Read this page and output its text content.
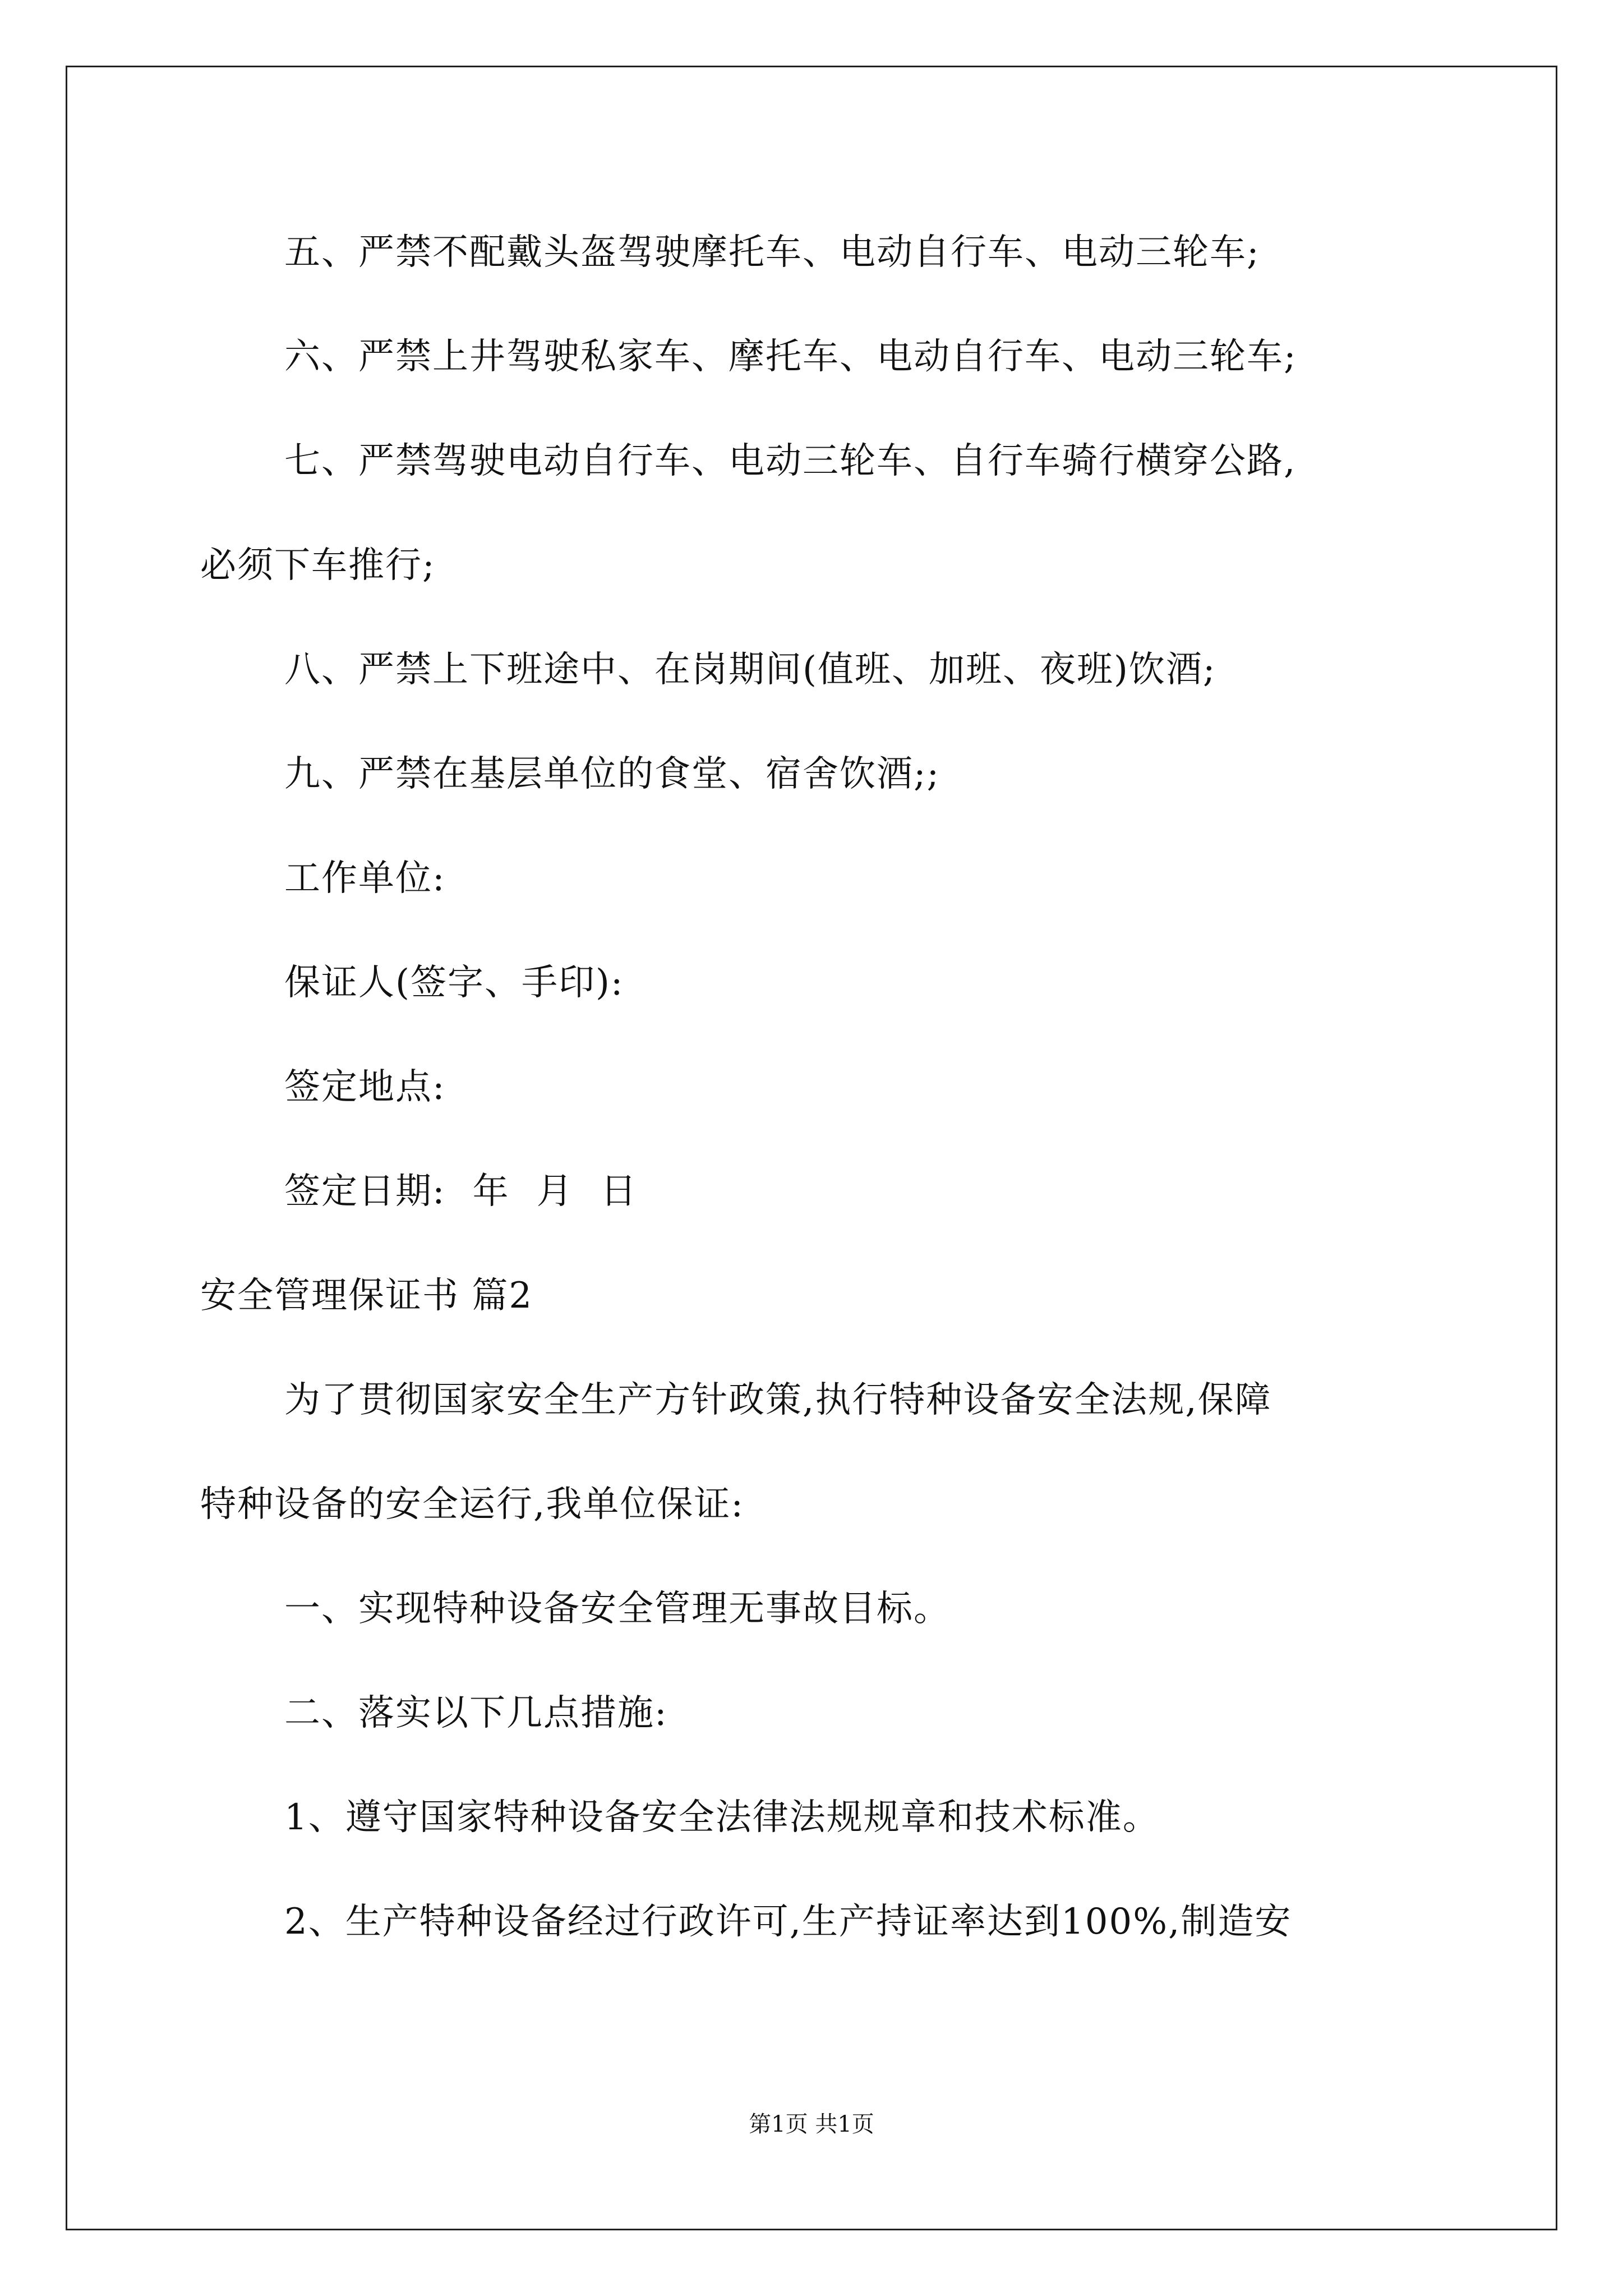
五、严禁不配戴头盔驾驶摩托车、电动自行车、电动三轮车;
六、严禁上井驾驶私家车、摩托车、电动自行车、电动三轮车;
七、严禁驾驶电动自行车、电动三轮车、自行车骑行横穿公路,
必须下车推行;
八、严禁上下班途中、在岗期间(值班、加班、夜班)饮酒;
九、严禁在基层单位的食堂、宿舍饮酒;;
工作单位:
保证人(签字、手印):
签定地点:
签定日期: 年 月 日
安全管理保证书 篇2
为了贯彻国家安全生产方针政策,执行特种设备安全法规,保障
特种设备的安全运行,我单位保证:
一、实现特种设备安全管理无事故目标。
二、落实以下几点措施:
1、遵守国家特种设备安全法律法规规章和技术标准。
2、生产特种设备经过行政许可,生产持证率达到100%,制造安
第1页 共1页
